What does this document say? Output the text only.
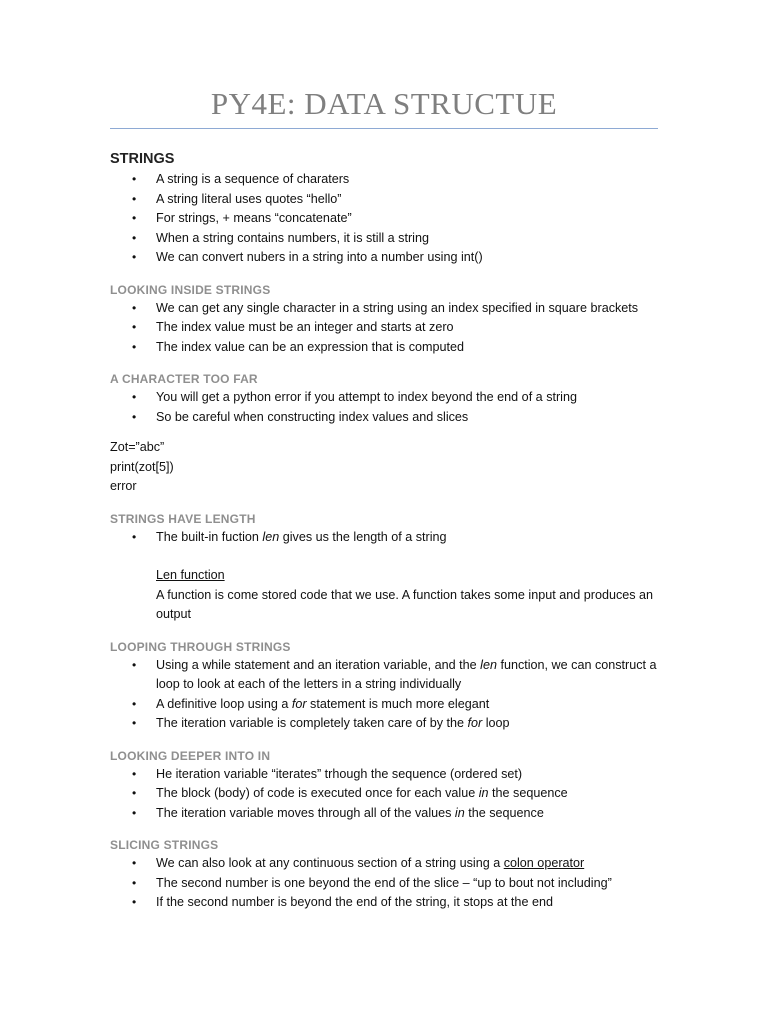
PY4E: DATA STRUCTUE
STRINGS
• A string is a sequence of charaters
• A string literal uses quotes “hello”
• For strings, + means “concatenate”
• When a string contains numbers, it is still a string
• We can convert nubers in a string into a number using int()
LOOKING INSIDE STRINGS
• We can get any single character in a string using an index specified in square brackets
• The index value must be an integer and starts at zero
• The index value can be an expression that is computed
A CHARACTER TOO FAR
• You will get a python error if you attempt to index beyond the end of a string
• So be careful when constructing index values and slices
Zot=”abc”
print(zot[5])
error
STRINGS HAVE LENGTH
• The built-in fuction len gives us the length of a string
Len function
A function is come stored code that we use. A function takes some input and produces an output
LOOPING THROUGH STRINGS
• Using a while statement and an iteration variable, and the len function, we can construct a loop to look at each of the letters in a string individually
• A definitive loop using a for statement is much more elegant
• The iteration variable is completely taken care of by the for loop
LOOKING DEEPER INTO IN
• He iteration variable “iterates” trhough the sequence (ordered set)
• The block (body) of code is executed once for each value in the sequence
• The iteration variable moves through all of the values in the sequence
SLICING STRINGS
• We can also look at any continuous section of a string using a colon operator
• The second number is one beyond the end of the slice – “up to bout not including”
• If the second number is beyond the end of the string, it stops at the end
